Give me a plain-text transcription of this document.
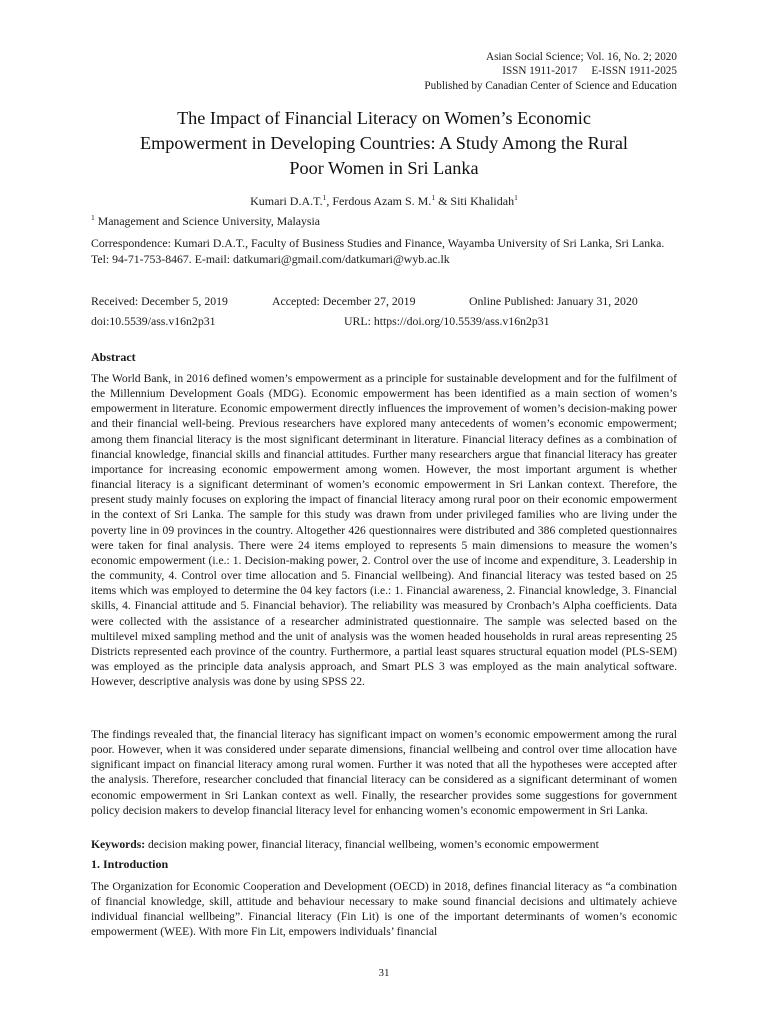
Asian Social Science; Vol. 16, No. 2; 2020
ISSN 1911-2017     E-ISSN 1911-2025
Published by Canadian Center of Science and Education
The Impact of Financial Literacy on Women’s Economic
Empowerment in Developing Countries: A Study Among the Rural
Poor Women in Sri Lanka
Kumari D.A.T.$^1$, Ferdous Azam S. M.$^1$ & Siti Khalidah$^1$
$^1$ Management and Science University, Malaysia
Correspondence: Kumari D.A.T., Faculty of Business Studies and Finance, Wayamba University of Sri Lanka, Sri Lanka. Tel: 94-71-753-8467. E-mail: datkumari@gmail.com/datkumari@wyb.ac.lk
Received: December 5, 2019	Accepted: December 27, 2019	Online Published: January 31, 2020
doi:10.5539/ass.v16n2p31	URL: https://doi.org/10.5539/ass.v16n2p31
Abstract

The World Bank, in 2016 defined women’s empowerment as a principle for sustainable development and for the fulfilment of the Millennium Development Goals (MDG). Economic empowerment has been identified as a main section of women’s empowerment in literature. Economic empowerment directly influences the improvement of women’s decision-making power and their financial well-being. Previous researchers have explored many antecedents of women’s economic empowerment; among them financial literacy is the most significant determinant in literature. Financial literacy defines as a combination of financial knowledge, financial skills and financial attitudes. Further many researchers argue that financial literacy has greater importance for increasing economic empowerment among women. However, the most important argument is whether financial literacy is a significant determinant of women’s economic empowerment in Sri Lankan context. Therefore, the present study mainly focuses on exploring the impact of financial literacy among rural poor on their economic empowerment in the context of Sri Lanka. The sample for this study was drawn from under privileged families who are living under the poverty line in 09 provinces in the country. Altogether 426 questionnaires were distributed and 386 completed questionnaires were taken for final analysis. There were 24 items employed to represents 5 main dimensions to measure the women’s economic empowerment (i.e.: 1. Decision-making power, 2. Control over the use of income and expenditure, 3. Leadership in the community, 4. Control over time allocation and 5. Financial wellbeing). And financial literacy was tested based on 25 items which was employed to determine the 04 key factors (i.e.: 1. Financial awareness, 2. Financial knowledge, 3. Financial skills, 4. Financial attitude and 5. Financial behavior). The reliability was measured by Cronbach’s Alpha coefficients. Data were collected with the assistance of a researcher administrated questionnaire. The sample was selected based on the multilevel mixed sampling method and the unit of analysis was the women headed households in rural areas representing 25 Districts represented each province of the country. Furthermore, a partial least squares structural equation model (PLS-SEM) was employed as the principle data analysis approach, and Smart PLS 3 was employed as the main analytical software. However, descriptive analysis was done by using SPSS 22.

The findings revealed that, the financial literacy has significant impact on women’s economic empowerment among the rural poor. However, when it was considered under separate dimensions, financial wellbeing and control over time allocation have significant impact on financial literacy among rural women. Further it was noted that all the hypotheses were accepted after the analysis. Therefore, researcher concluded that financial literacy can be considered as a significant determinant of women economic empowerment in Sri Lankan context as well. Finally, the researcher provides some suggestions for government policy decision makers to develop financial literacy level for enhancing women’s economic empowerment in Sri Lanka.

Keywords: decision making power, financial literacy, financial wellbeing, women’s economic empowerment
1. Introduction

The Organization for Economic Cooperation and Development (OECD) in 2018, defines financial literacy as “a combination of financial knowledge, skill, attitude and behaviour necessary to make sound financial decisions and ultimately achieve individual financial wellbeing”. Financial literacy (Fin Lit) is one of the important determinants of women’s economic empowerment (WEE). With more Fin Lit, empowers individuals’ financial

31
